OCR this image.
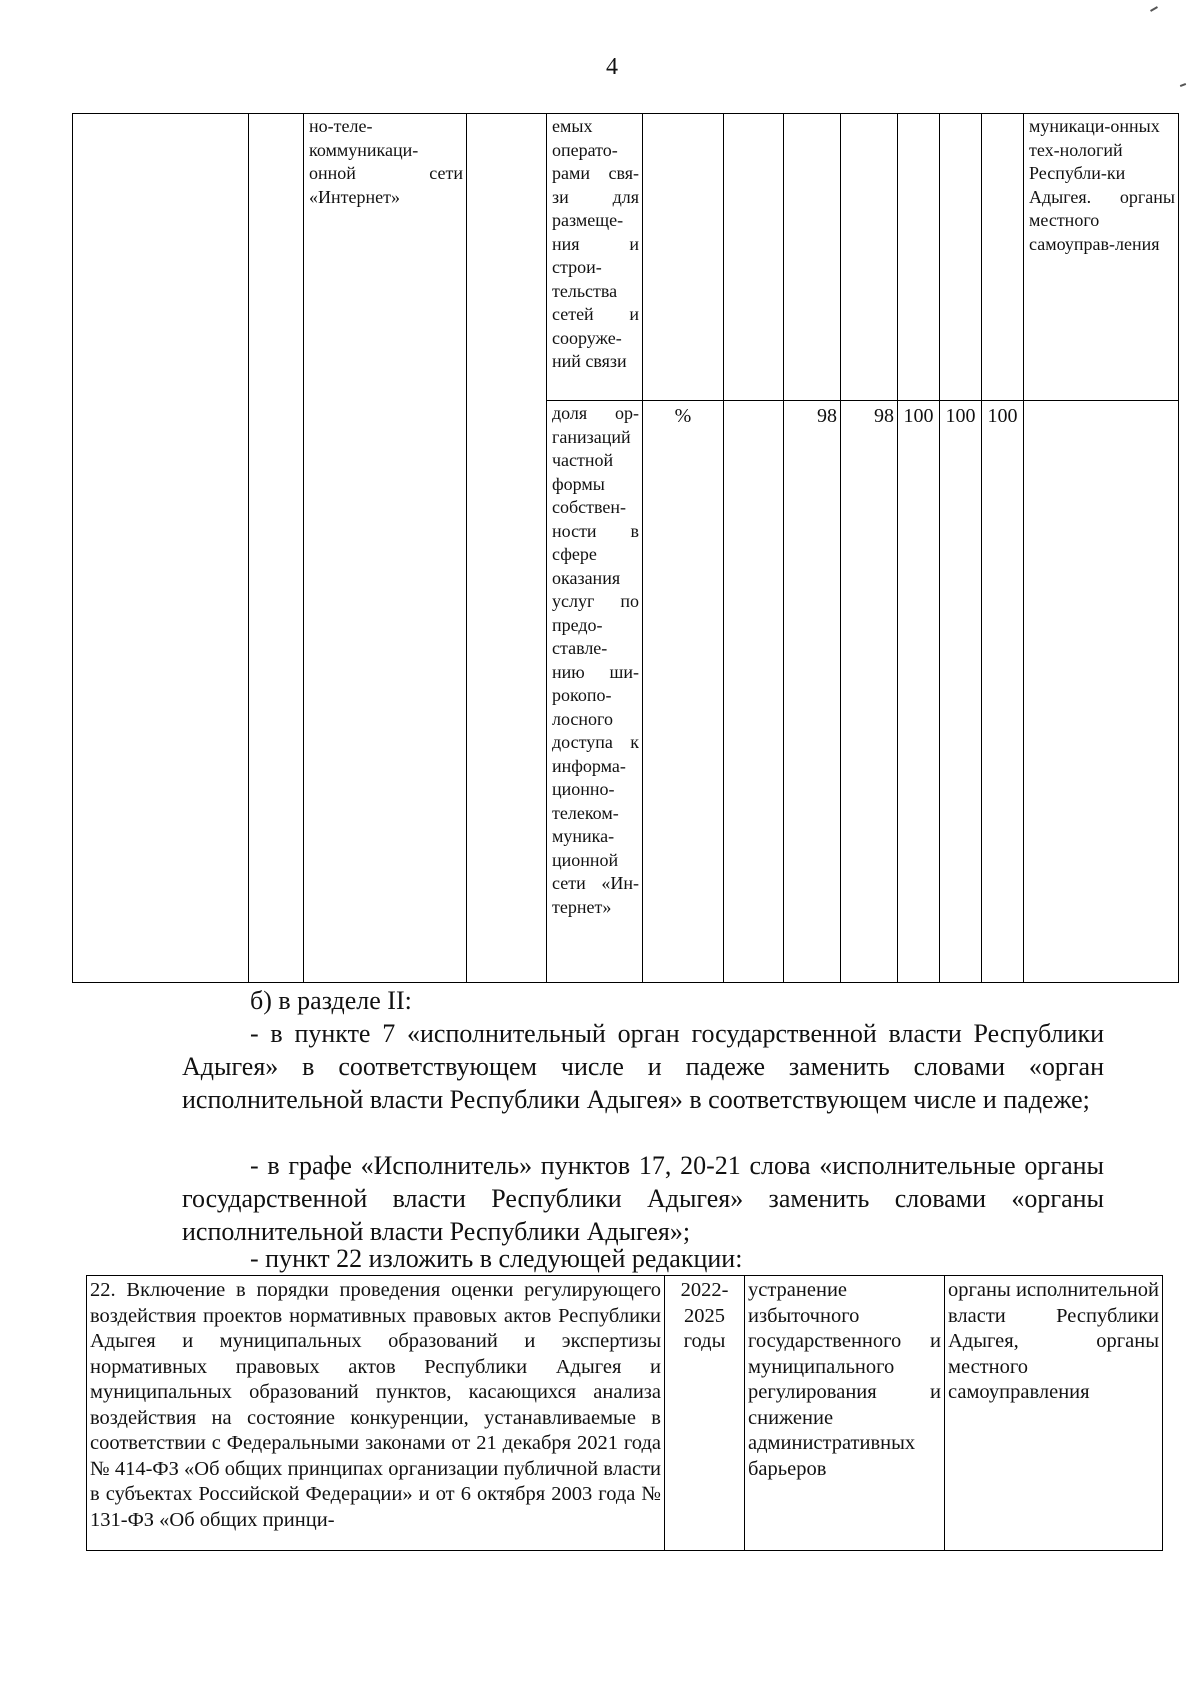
4
		но-теле-коммуникаци-онной сети «Интернет»		емых операто-рами свя-зи для размеще-ния и строи-тельства сетей и сооруже-ний связи								муникаци-онных тех-нологий Республи-ки Адыгея. органы местного самоуправ-ления
				доля ор-ганизаций частной формы собствен-ности в сфере оказания услуг по предо-ставле-нию ши-рокопо-лосного доступа к информа-ционно-телеком-муника-ционной сети «Ин-тернет»	%		98	98	100	100	100	
б) в разделе II:
- в пункте 7 «исполнительный орган государственной власти Республики Адыгея» в соответствующем числе и падеже заменить словами «орган исполнительной власти Республики Адыгея» в соответствующем числе и падеже;
- в графе «Исполнитель» пунктов 17, 20-21 слова «исполнительные органы государственной власти Республики Адыгея» заменить словами «органы исполнительной власти Республики Адыгея»;
- пункт 22 изложить в следующей редакции:
22. Включение в порядки проведения оценки регулирующего воздействия проектов нормативных правовых актов Республики Адыгея и муниципальных образований и экспертизы нормативных правовых актов Республики Адыгея и муниципальных образований пунктов, касающихся анализа воздействия на состояние конкуренции, устанавливаемые в соответствии с Федеральными законами от 21 декабря 2021 года № 414-ФЗ «Об общих принципах организации публичной власти в субъектах Российской Федерации» и от 6 октября 2003 года № 131-ФЗ «Об общих принци-	2022-2025 годы	устранение избыточного государственного и муниципального регулирования и снижение административных барьеров	органы исполнительной власти Республики Адыгея, органы местного самоуправления
